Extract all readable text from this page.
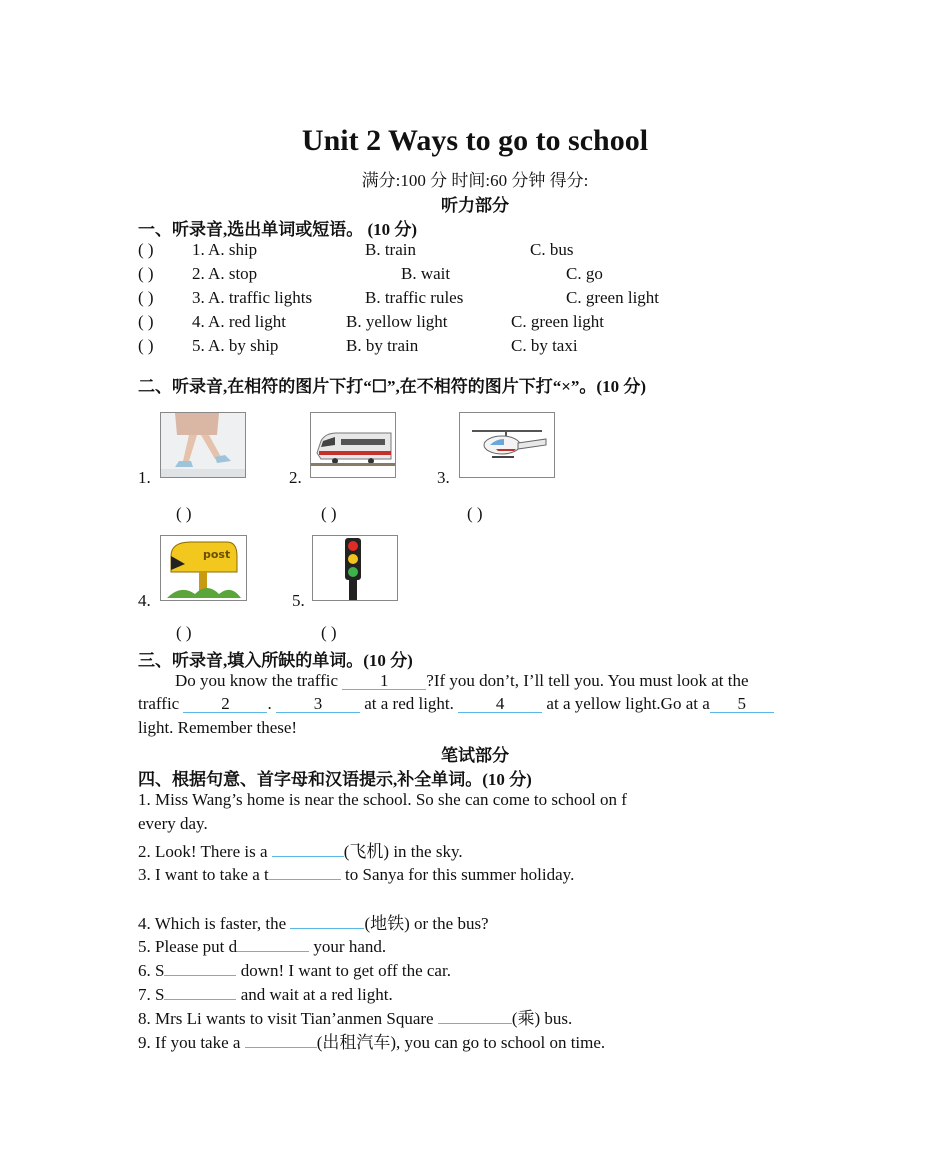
Unit 2 Ways to go to school
满分:100 分 时间:60 分钟 得分:
听力部分
一、听录音,选出单词或短语。 (10 分)
( ) 1. A. ship	B. train	C. bus
( ) 2. A. stop	B. wait	C. go
( ) 3. A. traffic lights	B. traffic rules	C. green light
( ) 4. A. red light	B. yellow light	C. green light
( ) 5. A. by ship	B. by train	C. by taxi
二、听录音,在相符的图片下打“☐”,在不相符的图片下打“×”。(10 分)
1.
( )
2.
( )
3.
( )
4.
post
( )
5.
( )
三、听录音,填入所缺的单词。(10 分)
Do you know the traffic 1 ?If you don’t, I’ll tell you. You must look at the
traffic 2 . 3 at a red light. 4 at a yellow light.Go at a 5
light. Remember these!
笔试部分
四、根据句意、首字母和汉语提示,补全单词。(10 分)
1. Miss Wang’s home is near the school. So she can come to school on f
every day.
2. Look! There is a	(飞机) in the sky.
3. I want to take a t	to Sanya for this summer holiday.
4. Which is faster, the	(地铁) or the bus?
5. Please put d	your hand.
6. S	down! I want to get off the car.
7. S	and wait at a red light.
8. Mrs Li wants to visit Tian’anmen Square	(乘) bus.
9. If you take a	(出租汽车), you can go to school on time.
